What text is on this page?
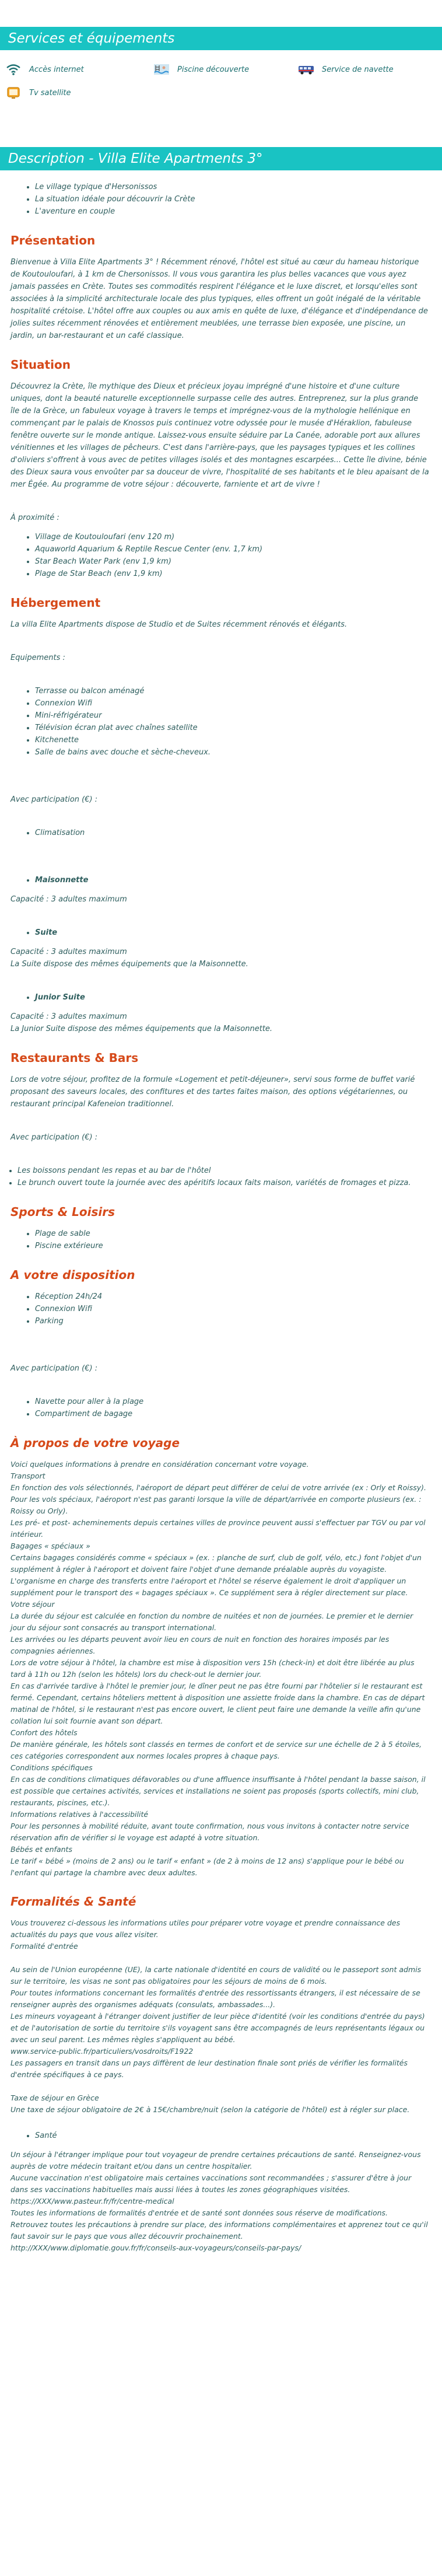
Services et équipements
Accès internet	Piscine découverte	Service de navette
Tv satellite
Description - Villa Elite Apartments 3°
• Le village typique d'Hersonissos
• La situation idéale pour découvrir la Crète
• L'aventure en couple
Présentation

Bienvenue à Villa Elite Apartments 3° ! Récemment rénové, l'hôtel est situé au cœur du hameau historique de Koutouloufari, à 1 km de Chersonissos. Il vous vous garantira les plus belles vacances que vous ayez jamais passées en Crète. Toutes ses commodités respirent l'élégance et le luxe discret, et lorsqu'elles sont associées à la simplicité architecturale locale des plus typiques, elles offrent un goût inégalé de la véritable hospitalité crétoise. L'hôtel offre aux couples ou aux amis en quête de luxe, d'élégance et d'indépendance de jolies suites récemment rénovées et entièrement meublées, une terrasse bien exposée, une piscine, un jardin, un bar-restaurant et un café classique.

Situation

Découvrez la Crète, île mythique des Dieux et précieux joyau imprégné d'une histoire et d'une culture uniques, dont la beauté naturelle exceptionnelle surpasse celle des autres. Entreprenez, sur la plus grande île de la Grèce, un fabuleux voyage à travers le temps et imprégnez-vous de la mythologie hellénique en commençant par le palais de Knossos puis continuez votre odyssée pour le musée d'Héraklion, fabuleuse fenêtre ouverte sur le monde antique. Laissez-vous ensuite séduire par La Canée, adorable port aux allures vénitiennes et les villages de pêcheurs. C'est dans l'arrière-pays, que les paysages typiques et les collines d'oliviers s'offrent à vous avec de petites villages isolés et des montagnes escarpées... Cette île divine, bénie des Dieux saura vous envoûter par sa douceur de vivre, l'hospitalité de ses habitants et le bleu apaisant de la mer Égée. Au programme de votre séjour : découverte, farniente et art de vivre !

À proximité :

• Village de Koutouloufari (env 120 m)
• Aquaworld Aquarium & Reptile Rescue Center (env. 1,7 km)
• Star Beach Water Park (env 1,9 km)
• Plage de Star Beach (env 1,9 km)
Hébergement

La villa Elite Apartments dispose de Studio et de Suites récemment rénovés et élégants.

Equipements :

• Terrasse ou balcon aménagé
• Connexion Wifi
• Mini-réfrigérateur
• Télévision écran plat avec chaînes satellite
• Kitchenette
• Salle de bains avec douche et sèche-cheveux.

Avec participation (€) :

• Climatisation
• Maisonnette

Capacité : 3 adultes maximum

• Suite

Capacité : 3 adultes maximum

La Suite dispose des mêmes équipements que la Maisonnette.

• Junior Suite

Capacité : 3 adultes maximum

La Junior Suite dispose des mêmes équipements que la Maisonnette.

Restaurants & Bars

Lors de votre séjour, profitez de la formule «Logement et petit-déjeuner», servi sous forme de buffet varié proposant des saveurs locales, des confitures et des tartes faites maison, des options végétariennes, ou restaurant principal Kafeneion traditionnel.

Avec participation (€) :

• Les boissons pendant les repas et au bar de l'hôtel
• Le brunch ouvert toute la journée avec des apéritifs locaux faits maison, variétés de fromages et pizza.
Sports & Loisirs
• Plage de sable
• Piscine extérieure
A votre disposition
• Réception 24h/24
• Connexion Wifi
• Parking

Avec participation (€) :

• Navette pour aller à la plage
• Compartiment de bagage
À propos de votre voyage
Voici quelques informations à prendre en considération concernant votre voyage.
Transport
En fonction des vols sélectionnés, l'aéroport de départ peut différer de celui de votre arrivée (ex : Orly et Roissy). Pour les vols spéciaux, l'aéroport n'est pas garanti lorsque la ville de départ/arrivée en comporte plusieurs (ex. : Roissy ou Orly).
Les pré- et post- acheminements depuis certaines villes de province peuvent aussi s'effectuer par TGV ou par vol intérieur.
Bagages « spéciaux »
Certains bagages considérés comme « spéciaux » (ex. : planche de surf, club de golf, vélo, etc.) font l'objet d'un supplément à régler à l'aéroport et doivent faire l'objet d'une demande préalable auprès du voyagiste. L'organisme en charge des transferts entre l'aéroport et l'hôtel se réserve également le droit d'appliquer un supplément pour le transport des « bagages spéciaux ». Ce supplément sera à régler directement sur place.
Votre séjour
La durée du séjour est calculée en fonction du nombre de nuitées et non de journées. Le premier et le dernier jour du séjour sont consacrés au transport international.
Les arrivées ou les départs peuvent avoir lieu en cours de nuit en fonction des horaires imposés par les compagnies aériennes.
Lors de votre séjour à l'hôtel, la chambre est mise à disposition vers 15h (check-in) et doit être libérée au plus tard à 11h ou 12h (selon les hôtels) lors du check-out le dernier jour.
En cas d'arrivée tardive à l'hôtel le premier jour, le dîner peut ne pas être fourni par l'hôtelier si le restaurant est fermé. Cependant, certains hôteliers mettent à disposition une assiette froide dans la chambre. En cas de départ matinal de l'hôtel, si le restaurant n'est pas encore ouvert, le client peut faire une demande la veille afin qu'une collation lui soit fournie avant son départ.
Confort des hôtels
De manière générale, les hôtels sont classés en termes de confort et de service sur une échelle de 2 à 5 étoiles, ces catégories correspondent aux normes locales propres à chaque pays.
Conditions spécifiques
En cas de conditions climatiques défavorables ou d'une affluence insuffisante à l'hôtel pendant la basse saison, il est possible que certaines activités, services et installations ne soient pas proposés (sports collectifs, mini club, restaurants, piscines, etc.).
Informations relatives à l'accessibilité
Pour les personnes à mobilité réduite, avant toute confirmation, nous vous invitons à contacter notre service réservation afin de vérifier si le voyage est adapté à votre situation.
Bébés et enfants
Le tarif « bébé » (moins de 2 ans) ou le tarif « enfant » (de 2 à moins de 12 ans) s'applique pour le bébé ou l'enfant qui partage la chambre avec deux adultes.
Formalités & Santé
Vous trouverez ci-dessous les informations utiles pour préparer votre voyage et prendre connaissance des actualités du pays que vous allez visiter.
Formalité d'entrée
Au sein de l'Union européenne (UE), la carte nationale d'identité en cours de validité ou le passeport sont admis sur le territoire, les visas ne sont pas obligatoires pour les séjours de moins de 6 mois.
Pour toutes informations concernant les formalités d'entrée des ressortissants étrangers, il est nécessaire de se renseigner auprès des organismes adéquats (consulats, ambassades...).
Les mineurs voyageant à l'étranger doivent justifier de leur pièce d'identité (voir les conditions d'entrée du pays) et de l'autorisation de sortie du territoire s'ils voyagent sans être accompagnés de leurs représentants légaux ou avec un seul parent. Les mêmes règles s'appliquent au bébé.
www.service-public.fr/particuliers/vosdroits/F1922
Les passagers en transit dans un pays diffèrent de leur destination finale sont priés de vérifier les formalités d'entrée spécifiques à ce pays.
Taxe de séjour en Grèce
Une taxe de séjour obligatoire de 2€ à 15€/chambre/nuit (selon la catégorie de l'hôtel) est à régler sur place.
• Santé
Un séjour à l'étranger implique pour tout voyageur de prendre certaines précautions de santé. Renseignez-vous auprès de votre médecin traitant et/ou dans un centre hospitalier.
Aucune vaccination n'est obligatoire mais certaines vaccinations sont recommandées ; s'assurer d'être à jour dans ses vaccinations habituelles mais aussi liées à toutes les zones géographiques visitées.
https://XXX/www.pasteur.fr/fr/centre-medical
Toutes les informations de formalités d'entrée et de santé sont données sous réserve de modifications.
Retrouvez toutes les précautions à prendre sur place, des informations complémentaires et apprenez tout ce qu'il faut savoir sur le pays que vous allez découvrir prochainement.
http://XXX/www.diplomatie.gouv.fr/fr/conseils-aux-voyageurs/conseils-par-pays/
